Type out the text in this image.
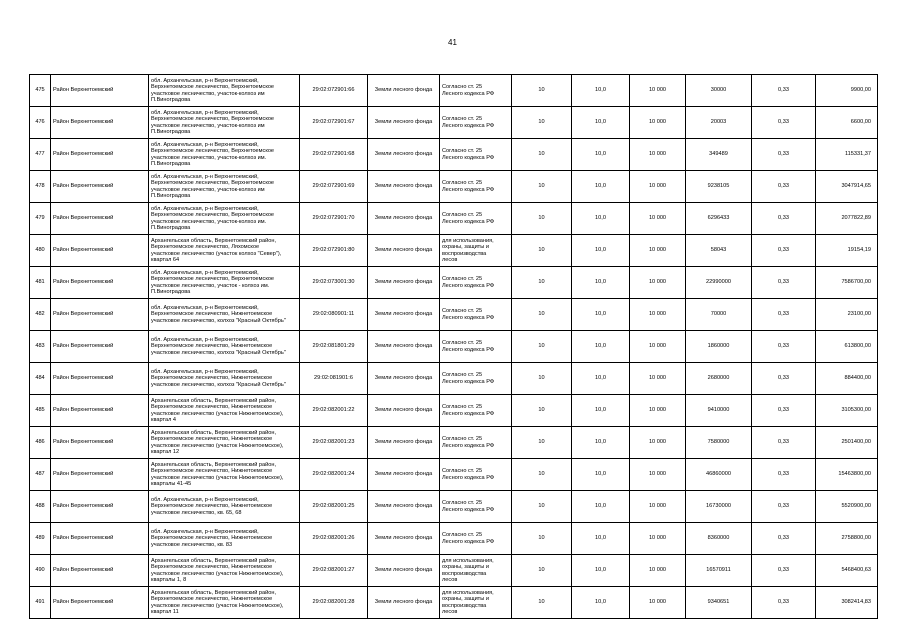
41
475	Район Верхнетоемский	обл. Архангельская, р-н Верхнетоемский,
Верхнетоемское лесничество, Верхнетоемское
участковое лесничество, участок-колхоз им
П.Виноградова	29:02:072901:66	Земли лесного фонда	Согласно ст. 25
Лесного кодекса РФ	10	10,0	10 000	30000	0,33	9900,00
476	Район Верхнетоемский	обл. Архангельская, р-н Верхнетоемский,
Верхнетоемское лесничество, Верхнетоемское
участковое лесничество, участок-колхоз им
П.Виноградова	29:02:072901:67	Земли лесного фонда	Согласно ст. 25
Лесного кодекса РФ	10	10,0	10 000	20003	0,33	6600,00
477	Район Верхнетоемский	обл. Архангельская, р-н Верхнетоемский,
Верхнетоемское лесничество, Верхнетоемское
участковое лесничество, участок-колхоз им.
П.Виноградова	29:02:072901:68	Земли лесного фонда	Согласно ст. 25
Лесного кодекса РФ	10	10,0	10 000	349489	0,33	115331,37
478	Район Верхнетоемский	обл. Архангельская, р-н Верхнетоемский,
Верхнетоемское лесничество, Верхнетоемское
участковое лесничество, участок-колхоз им
П.Виноградова	29:02:072901:69	Земли лесного фонда	Согласно ст. 25
Лесного кодекса РФ	10	10,0	10 000	9238105	0,33	3047914,65
479	Район Верхнетоемский	обл. Архангельская, р-н Верхнетоемский,
Верхнетоемское лесничество, Верхнетоемское
участковое лесничество, участок-колхоз им.
П.Виноградова	29:02:072901:70	Земли лесного фонда	Согласно ст. 25
Лесного кодекса РФ	10	10,0	10 000	6296433	0,33	2077822,89
480	Район Верхнетоемский	Архангельская область, Верхнетоемский район,
Верхнетоемское лесничество, Ляхомское
участковое лесничество (участок колхоз "Север"),
квартал 64	29:02:072901:80	Земли лесного фонда	для использования,
охраны, защиты и
воспроизводства
лесов	10	10,0	10 000	58043	0,33	19154,19
481	Район Верхнетоемский	обл. Архангельская, р-н Верхнетоемский,
Верхнетоемское лесничество, Верхнетоемское
участковое лесничество, участок - колхоз им.
П.Виноградова	29:02:073001:30	Земли лесного фонда	Согласно ст. 25
Лесного кодекса РФ	10	10,0	10 000	22990000	0,33	7586700,00
482	Район Верхнетоемский	обл. Архангельская, р-н Верхнетоемский,
Верхнетоемское лесничество, Нижнетоемское
участковое лесничество, колхоз "Красный Октябрь"	29:02:080901:11	Земли лесного фонда	Согласно ст. 25
Лесного кодекса РФ	10	10,0	10 000	70000	0,33	23100,00
483	Район Верхнетоемский	обл. Архангельская, р-н Верхнетоемский,
Верхнетоемское лесничество, Нижнетоемское
участковое лесничество, колхоз "Красный Октябрь"	29:02:081801:29	Земли лесного фонда	Согласно ст. 25
Лесного кодекса РФ	10	10,0	10 000	1860000	0,33	613800,00
484	Район Верхнетоемский	обл. Архангельская, р-н Верхнетоемский,
Верхнетоемское лесничество, Нижнетоемское
участковое лесничество, колхоз "Красный Октябрь"	29:02:081901:6	Земли лесного фонда	Согласно ст. 25
Лесного кодекса РФ	10	10,0	10 000	2680000	0,33	884400,00
485	Район Верхнетоемский	Архангельская область, Верхнетоемский район,
Верхнетоемское лесничество, Нижнетоемское
участковое лесничество (участок Нижнетоемское),
квартал 4	29:02:082001:22	Земли лесного фонда	Согласно ст. 25
Лесного кодекса РФ	10	10,0	10 000	9410000	0,33	3105300,00
486	Район Верхнетоемский	Архангельская область, Верхнетоемский район,
Верхнетоемское лесничество, Нижнетоемское
участковое лесничество (участок Нижнетоемское),
квартал 12	29:02:082001:23	Земли лесного фонда	Согласно ст. 25
Лесного кодекса РФ	10	10,0	10 000	7580000	0,33	2501400,00
487	Район Верхнетоемский	Архангельская область, Верхнетоемский район,
Верхнетоемское лесничество, Нижнетоемское
участковое лесничество (участок Нижнетоемское),
кварталы 41-45	29:02:082001:24	Земли лесного фонда	Согласно ст. 25
Лесного кодекса РФ	10	10,0	10 000	46860000	0,33	15463800,00
488	Район Верхнетоемский	обл. Архангельская, р-н Верхнетоемский,
Верхнетоемское лесничество, Нижнетоемское
участковое лесничество, кв. 65, 68	29:02:082001:25	Земли лесного фонда	Согласно ст. 25
Лесного кодекса РФ	10	10,0	10 000	16730000	0,33	5520900,00
489	Район Верхнетоемский	обл. Архангельская, р-н Верхнетоемский,
Верхнетоемское лесничество, Нижнетоемское
участковое лесничество, кв. 83	29:02:082001:26	Земли лесного фонда	Согласно ст. 25
Лесного кодекса РФ	10	10,0	10 000	8360000	0,33	2758800,00
490	Район Верхнетоемский	Архангельская область, Верхнетоемский район,
Верхнетоемское лесничество, Нижнетоемское
участковое лесничество (участок Нижнетоемское),
кварталы 1, 8	29:02:082001:27	Земли лесного фонда	для использования,
охраны, защиты и
воспроизводства
лесов	10	10,0	10 000	16570911	0,33	5468400,63
491	Район Верхнетоемский	Архангельская область, Верхнетоемский район,
Верхнетоемское лесничество, Нижнетоемское
участковое лесничество (участок Нижнетоемское),
квартал 11	29:02:082001:28	Земли лесного фонда	для использования,
охраны, защиты и
воспроизводства
лесов	10	10,0	10 000	9340651	0,33	3082414,83
